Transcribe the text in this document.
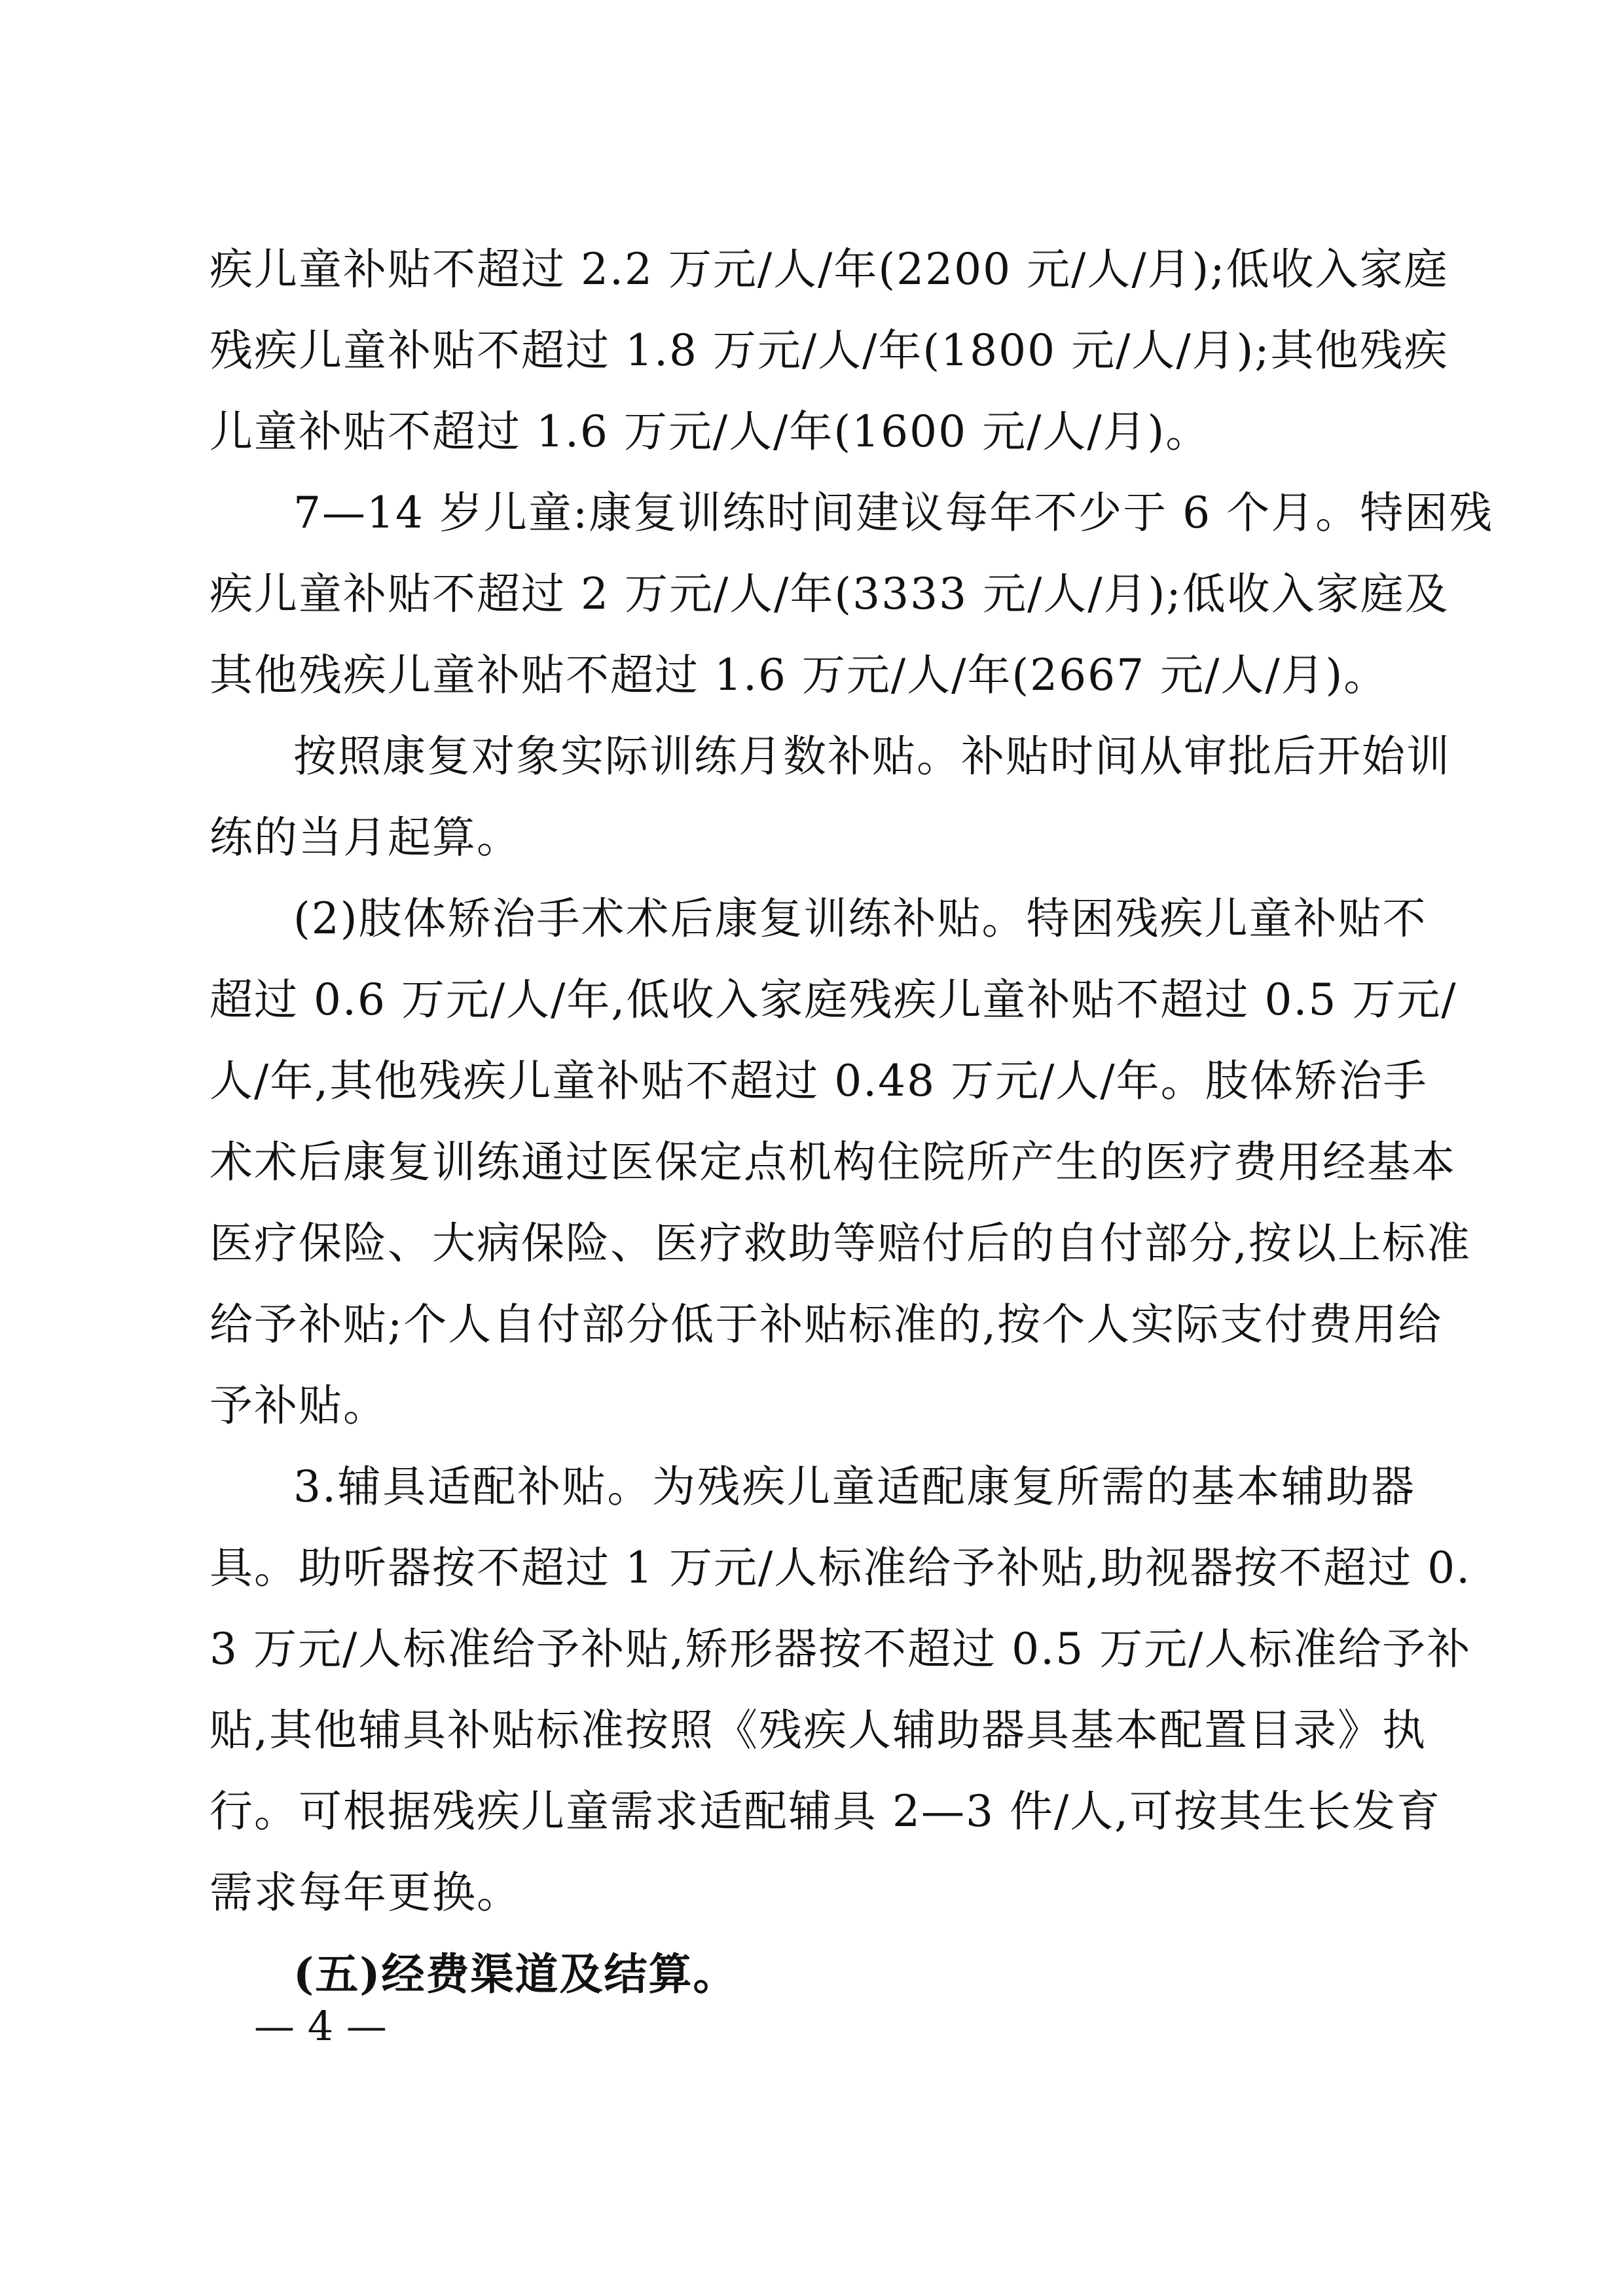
疾儿童补贴不超过 2.2 万元/人/年(2200 元/人/月);低收入家庭
残疾儿童补贴不超过 1.8 万元/人/年(1800 元/人/月);其他残疾
儿童补贴不超过 1.6 万元/人/年(1600 元/人/月)。
7—14 岁儿童:康复训练时间建议每年不少于 6 个月。特困残
疾儿童补贴不超过 2 万元/人/年(3333 元/人/月);低收入家庭及
其他残疾儿童补贴不超过 1.6 万元/人/年(2667 元/人/月)。
按照康复对象实际训练月数补贴。补贴时间从审批后开始训
练的当月起算。
(2)肢体矫治手术术后康复训练补贴。特困残疾儿童补贴不
超过 0.6 万元/人/年,低收入家庭残疾儿童补贴不超过 0.5 万元/
人/年,其他残疾儿童补贴不超过 0.48 万元/人/年。肢体矫治手
术术后康复训练通过医保定点机构住院所产生的医疗费用经基本
医疗保险、大病保险、医疗救助等赔付后的自付部分,按以上标准
给予补贴;个人自付部分低于补贴标准的,按个人实际支付费用给
予补贴。
3.辅具适配补贴。为残疾儿童适配康复所需的基本辅助器
具。助听器按不超过 1 万元/人标准给予补贴,助视器按不超过 0.
3 万元/人标准给予补贴,矫形器按不超过 0.5 万元/人标准给予补
贴,其他辅具补贴标准按照《残疾人辅助器具基本配置目录》执
行。可根据残疾儿童需求适配辅具 2—3 件/人,可按其生长发育
需求每年更换。
(五)经费渠道及结算。
— 4 —
